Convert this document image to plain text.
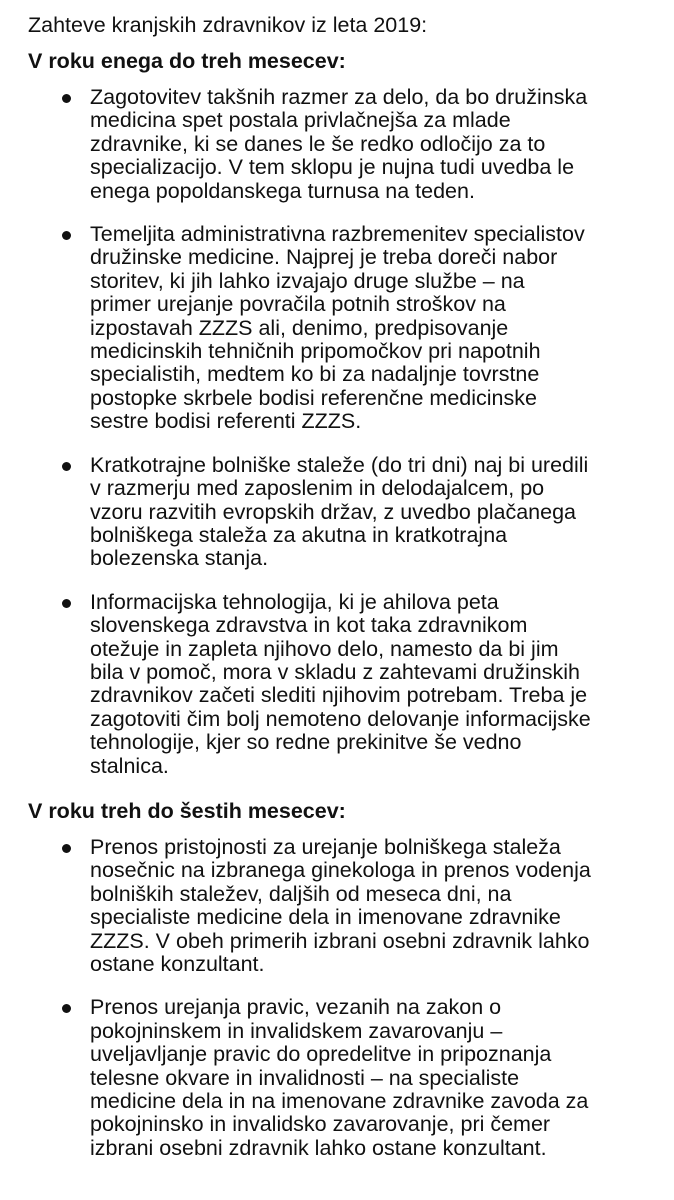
Zahteve kranjskih zdravnikov iz leta 2019:
V roku enega do treh mesecev:
Zagotovitev takšnih razmer za delo, da bo družinska
medicina spet postala privlačnejša za mlade
zdravnike, ki se danes le še redko odločijo za to
specializacijo. V tem sklopu je nujna tudi uvedba le
enega popoldanskega turnusa na teden.
Temeljita administrativna razbremenitev specialistov
družinske medicine. Najprej je treba doreči nabor
storitev, ki jih lahko izvajajo druge službe – na
primer urejanje povračila potnih stroškov na
izpostavah ZZZS ali, denimo, predpisovanje
medicinskih tehničnih pripomočkov pri napotnih
specialistih, medtem ko bi za nadaljnje tovrstne
postopke skrbele bodisi referenčne medicinske
sestre bodisi referenti ZZZS.
Kratkotrajne bolniške staleže (do tri dni) naj bi uredili
v razmerju med zaposlenim in delodajalcem, po
vzoru razvitih evropskih držav, z uvedbo plačanega
bolniškega staleža za akutna in kratkotrajna
bolezenska stanja.
Informacijska tehnologija, ki je ahilova peta
slovenskega zdravstva in kot taka zdravnikom
otežuje in zapleta njihovo delo, namesto da bi jim
bila v pomoč, mora v skladu z zahtevami družinskih
zdravnikov začeti slediti njihovim potrebam. Treba je
zagotoviti čim bolj nemoteno delovanje informacijske
tehnologije, kjer so redne prekinitve še vedno
stalnica.
V roku treh do šestih mesecev:
Prenos pristojnosti za urejanje bolniškega staleža
nosečnic na izbranega ginekologa in prenos vodenja
bolniških staležev, daljših od meseca dni, na
specialiste medicine dela in imenovane zdravnike
ZZZS. V obeh primerih izbrani osebni zdravnik lahko
ostane konzultant.
Prenos urejanja pravic, vezanih na zakon o
pokojninskem in invalidskem zavarovanju –
uveljavljanje pravic do opredelitve in pripoznanja
telesne okvare in invalidnosti – na specialiste
medicine dela in na imenovane zdravnike zavoda za
pokojninsko in invalidsko zavarovanje, pri čemer
izbrani osebni zdravnik lahko ostane konzultant.
